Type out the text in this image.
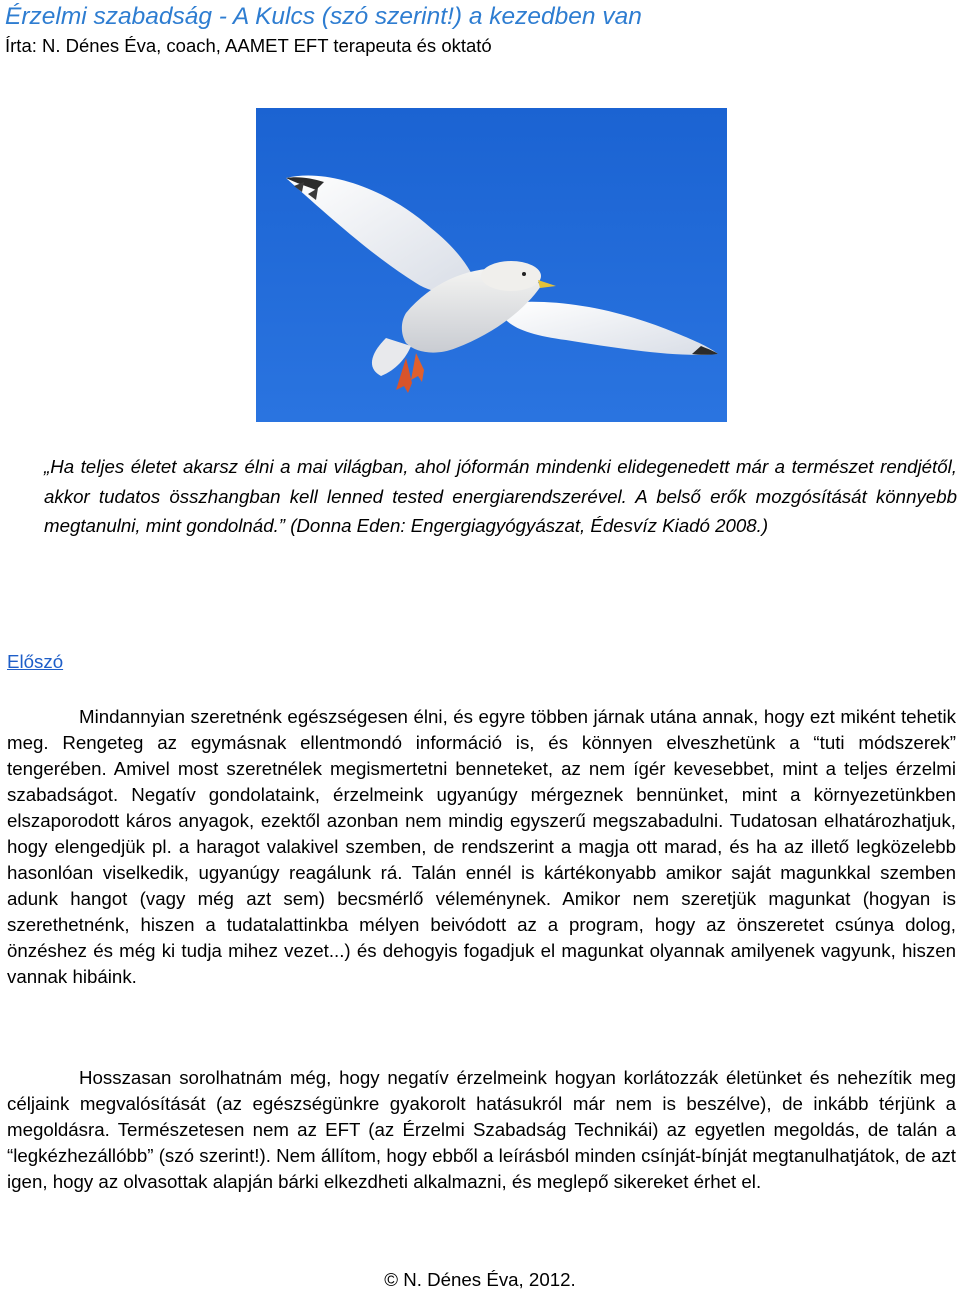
Érzelmi szabadság - A Kulcs (szó szerint!) a kezedben van
Írta: N. Dénes Éva, coach, AAMET EFT terapeuta és oktató
„Ha teljes életet akarsz élni a mai világban, ahol jóformán mindenki elidegenedett már a természet rendjétől, akkor tudatos összhangban kell lenned tested energiarendszerével. A belső erők mozgósítását könnyebb megtanulni, mint gondolnád.” (Donna Eden: Engergiagyógyászat, Édesvíz Kiadó 2008.)
Előszó

Mindannyian szeretnénk egészségesen élni, és egyre többen járnak utána annak, hogy ezt miként tehetik meg. Rengeteg az egymásnak ellentmondó információ is, és könnyen elveszhetünk a “tuti módszerek” tengerében. Amivel most szeretnélek megismertetni benneteket, az nem ígér kevesebbet, mint a teljes érzelmi szabadságot. Negatív gondolataink, érzelmeink ugyanúgy mérgeznek bennünket, mint a környezetünkben elszaporodott káros anyagok, ezektől azonban nem mindig egyszerű megszabadulni. Tudatosan elhatározhatjuk, hogy elengedjük pl. a haragot valakivel szemben, de rendszerint a magja ott marad, és ha az illető legközelebb hasonlóan viselkedik, ugyanúgy reagálunk rá. Talán ennél is kártékonyabb amikor saját magunkkal szemben adunk hangot (vagy még azt sem) becsmérlő véleménynek. Amikor nem szeretjük magunkat (hogyan is szerethetnénk, hiszen a tudatalattinkba mélyen beivódott az a program, hogy az önszeretet csúnya dolog, önzéshez és még ki tudja mihez vezet...) és dehogyis fogadjuk el magunkat olyannak amilyenek vagyunk, hiszen vannak hibáink.

Hosszasan sorolhatnám még, hogy negatív érzelmeink hogyan korlátozzák életünket és nehezítik meg céljaink megvalósítását (az egészségünkre gyakorolt hatásukról már nem is beszélve), de inkább térjünk a megoldásra. Természetesen nem az EFT (az Érzelmi Szabadság Technikái) az egyetlen megoldás, de talán a “legkézhezállóbb” (szó szerint!). Nem állítom, hogy ebből a leírásból minden csínját-bínját megtanulhatjátok, de azt igen, hogy az olvasottak alapján bárki elkezdheti alkalmazni, és meglepő sikereket érhet el.

© N. Dénes Éva, 2012.
